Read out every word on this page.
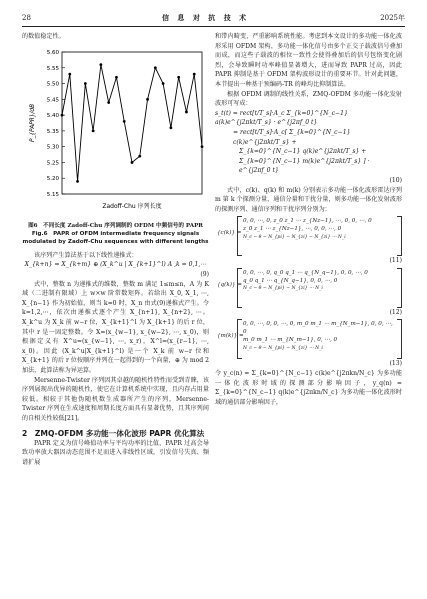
28	信 息 对 抗 技 术	2025年

的数值稳定性。

5.60
5.55
5.50
5.45
5.40
5.35
5.30
5.25
5.20
5.15
P_{PAPR}/dB
Zadoff-Chu 序列长度
图6　不同长度 Zadoff-Chu 序列调制的 OFDM 中频信号的 PAPR
Fig.6　PAPR of OFDM intermediate frequency signals modulated by Zadoff-Chu sequences with different lengths

该序列产生算法基于以下线性递推式：

X_{k+n} = X_{k+m} ⊕ (X_k^u | X_{k+1}^l) A ,k = 0,1,⋯
(9)

式中，整数 n 为递推式的维数，整数 m 满足 1≤m≤n，A 为 K 域（二进制有限域）上 w×w 阶常数矩阵。若给出 X_0, X_1, ⋯, X_{n−1} 作为初始值，则当 k=0 时，X_n 由式(9)递推式产生。令 k=1,2,⋯，依次由递推式逐个产生 X_{n+1}, X_{n+2}, ⋯。X_k^u 为 X_k 前 w−r 位，X_{k+1}^l 为 X_{k+1} 的后 r 位，其中 r 是一固定整数。令 X=(x_{w−1}, x_{w−2}, ⋯, x_0)，则根据定义有 X^u=(x_{w−1}, ⋯, x_r)，X^l=(x_{r−1}, ⋯, x_0)。因此 (X_k^u|X_{k+1}^l) 是一个 X_k 前 w−r 位和 X_{k+1} 的后 r 位按顺序并列在一起得到的一个向量，⊕ 为 mod 2 加法，此算法称为异运算。

Mersenne-Twister 序列因其卓越的随机性特性而受到青睐，该序列展现出优异的随机性，使它在计算机系统中实现，且内存占用量较低。相较于其他伪随机数生成器所产生的序列，Mersenne-Twister 序列在生成速度和周期长度方面具有显著优势，且其序列间的自相关性较低[21]。

2　ZMQ-OFDM 多功能一体化波形 PAPR 优化算法

PAPR 定义为信号峰值功率与平均功率的比值，PAPR 过高会导致功率放大器因动态范围不足而进入非线性区域，引发信号失真、频谱扩展

和带内畸变，严重影响系统性能。考虑到本文设计的多功能一体化波形采用 OFDM 架构，多功能一体化信号由多个正交子载波信号叠加而成，而这些子载波的相位一致性会使得叠加后的信号包络变化剧烈，会导致瞬时功率峰值显著增大，进而导致 PAPR 过高，因此 PAPR 抑制是基于 OFDM 架构波形设计的重要环节。针对此问题，本节提出一种基于预编码-TR 的峰均比抑制算法。

根据 OFDM 调制的线性关系，ZMQ-OFDM 多功能一体化发射波形可写成：

s_t(t) = rect[t/T_s]·A_c Σ_{k=0}^{N_c−1} a(k)e^{j2πkt/T_s} · e^{j2πf_0 t}
= rect[t/T_s]·A_c[ Σ_{k=0}^{N_c−1} c(k)e^{j2πkt/T_s} +
Σ_{k=0}^{N_c−1} q(k)e^{j2πkt/T_s} + Σ_{k=0}^{N_c−1} m(k)e^{j2πkt/T_s} ] · e^{j2πf_0 t}
(10)

式中，c(k)、q(k) 和 m(k) 分别表示多功能一体化波形雷达序列 m 第 k 个探测分量、通信分量和干扰分量，则多功能一体化发射波形的探测序列、通信序列和干扰序列分别为：

{c(k)} =
0, 0, ⋯, 0, z_0 z_1 ⋯ z_{Nz−1}, ⋯, 0, 0, ⋯, 0
z_0 z_1 ⋯ z_{Nz−1}, ⋯, 0, 0, ⋯, 0
N_c − θ − N_{pi} − N_{zi} − N_{zi} ⋯ N_i
(11)
{q(k)} =
0, 0, ⋯, 0, q_0 q_1 ⋯ q_{N_q−1}, 0, 0, ⋯, 0
q_0 q_1 ⋯ q_{N_q−1}, 0, 0, ⋯, 0
N_c − θ − N_{pi} − N_{zi} ⋯ N_i
(12)
{m(k)} =
0, 0, ⋯, 0, 0, ⋯, 0, m_0 m_1 ⋯ m_{N_m−1}, 0, 0, ⋯, 0
m_0 m_1 ⋯ m_{N_m−1}, 0, ⋯, 0
N_c − θ − N_{pi} − N_{zi} ⋯ N_i
(13)

令 y_c(n) = Σ_{k=0}^{N_c−1} c(k)e^{j2πkn/N_c} 为多功能一体化波形时域的探测部分影响因子，y_q(n) = Σ_{k=0}^{N_c−1} q(k)e^{j2πkn/N_c} 为多功能一体化波形时域的通信部分影响因子，
